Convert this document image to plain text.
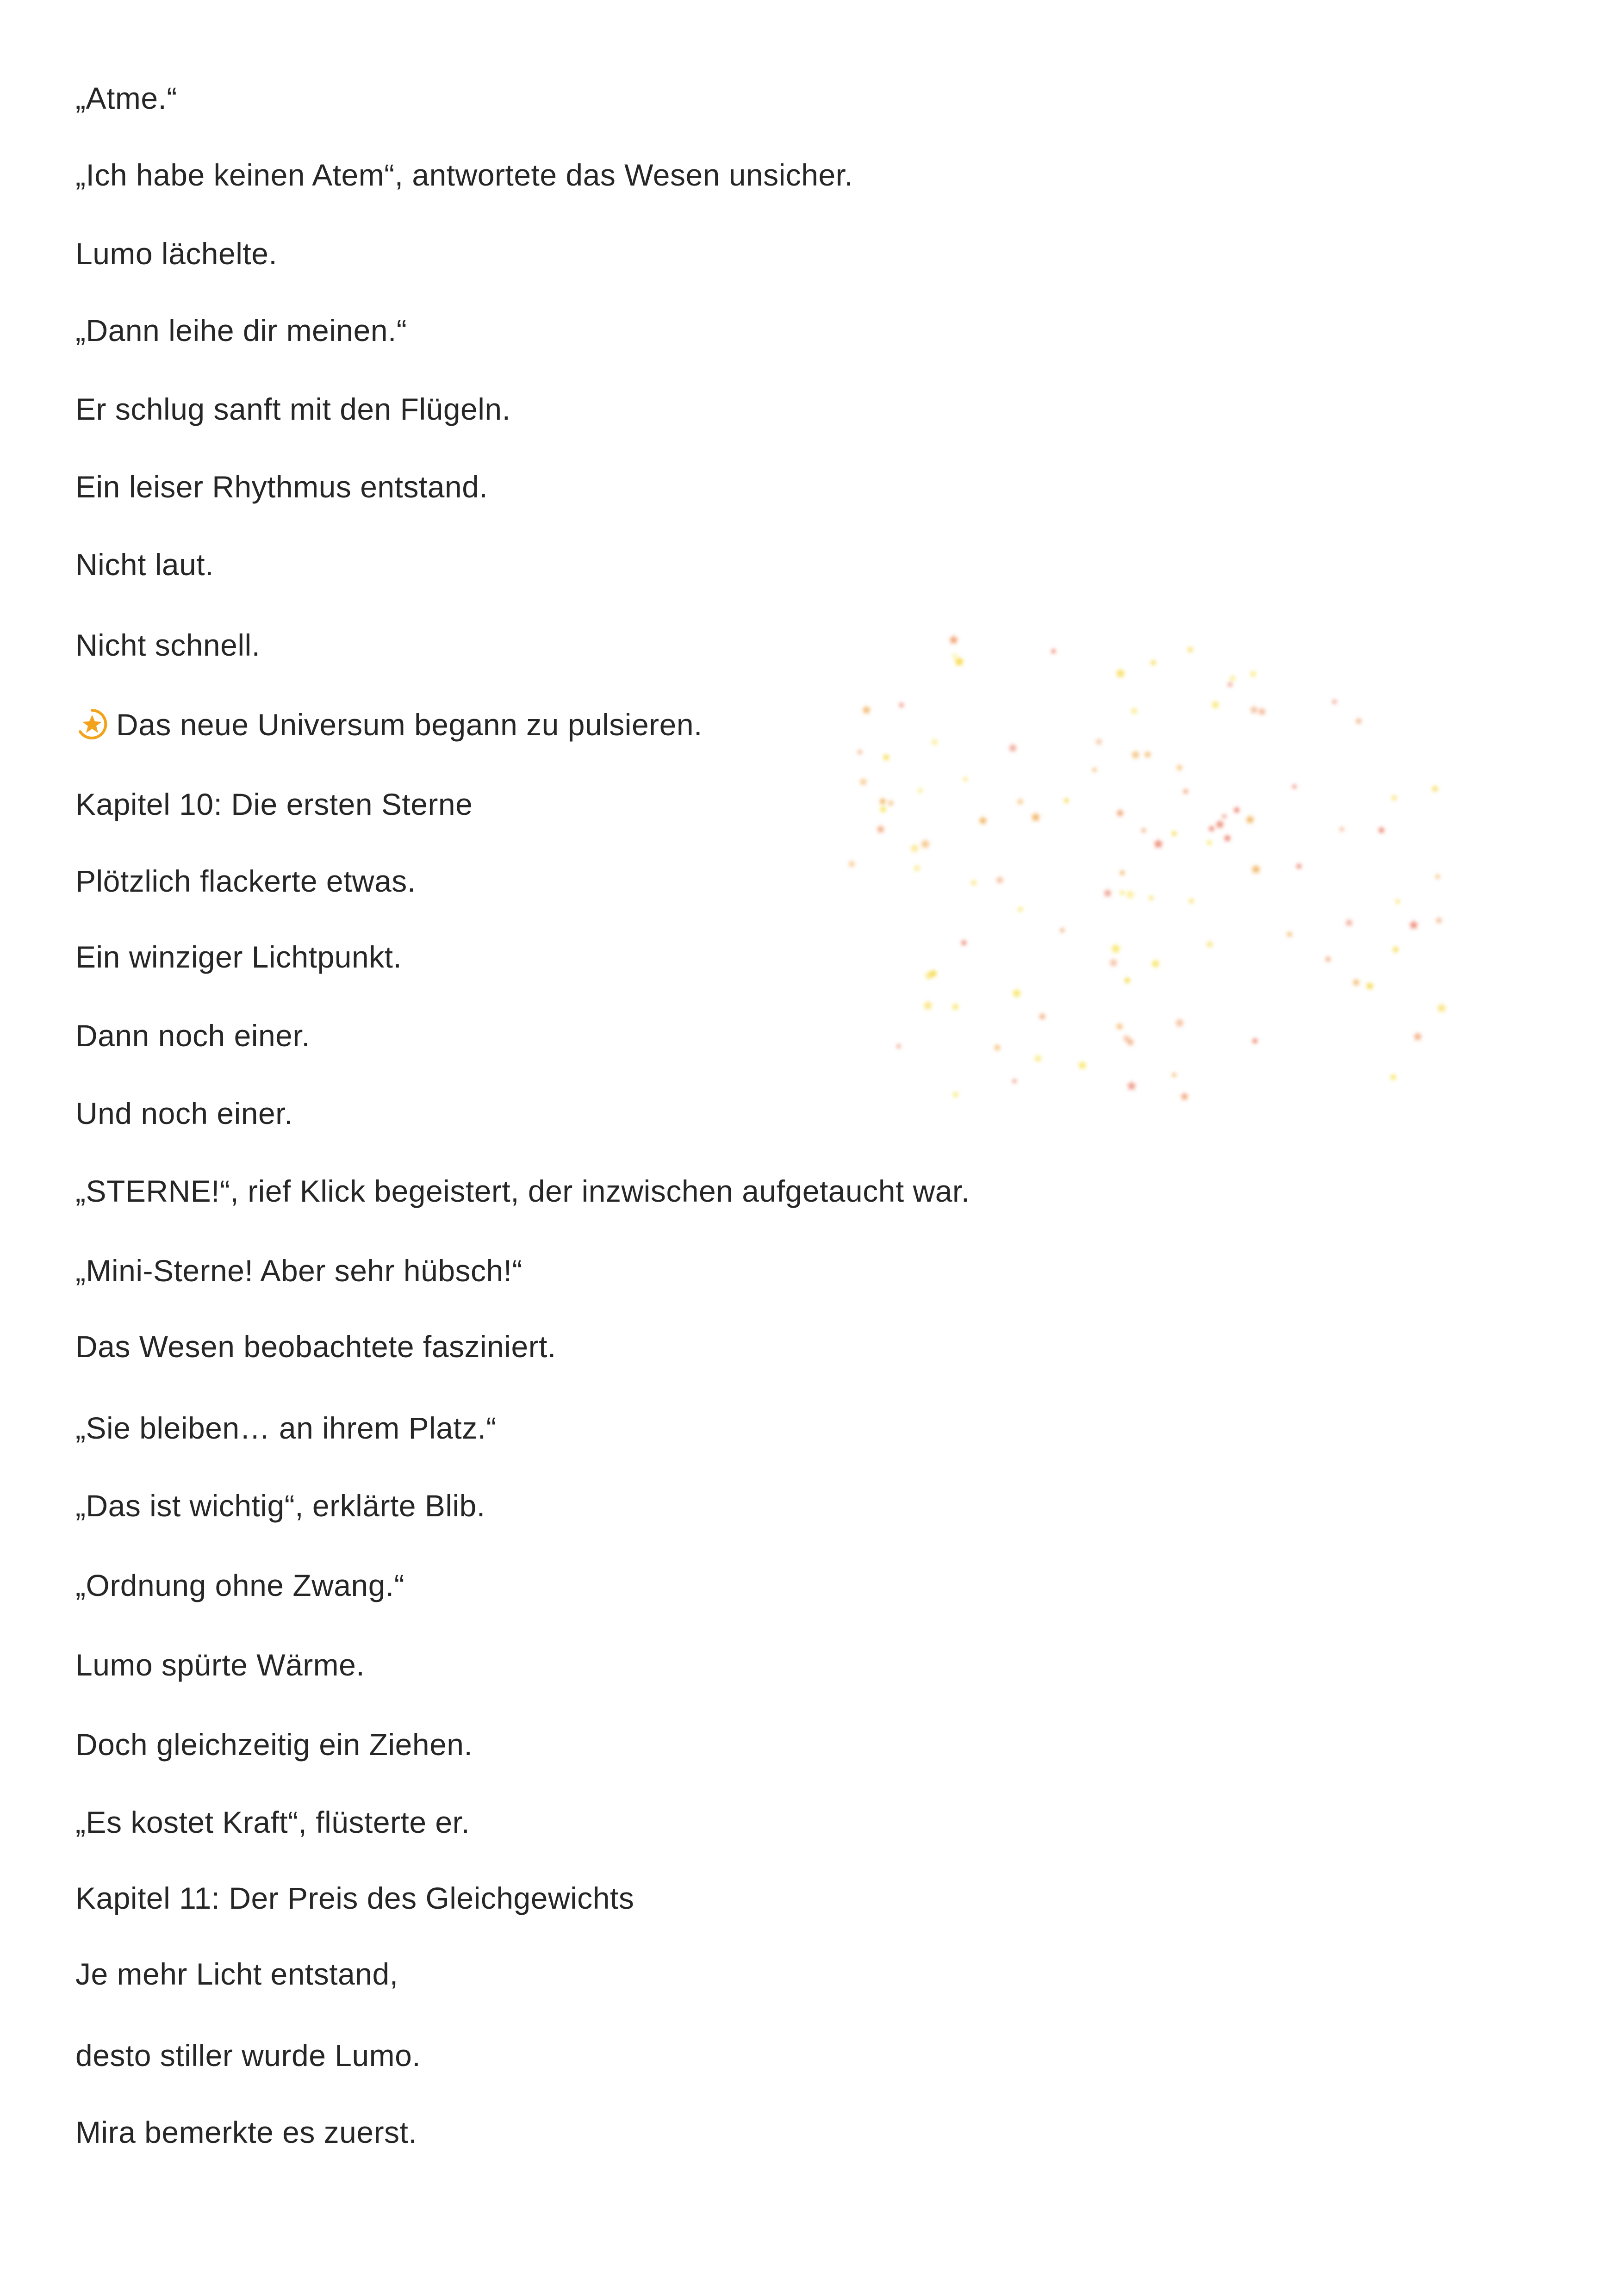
„Atme.“

„Ich habe keinen Atem“, antwortete das Wesen unsicher.

Lumo lächelte.

„Dann leihe dir meinen.“

Er schlug sanft mit den Flügeln.

Ein leiser Rhythmus entstand.

Nicht laut.

Nicht schnell.

Das neue Universum begann zu pulsieren.

Kapitel 10: Die ersten Sterne

Plötzlich flackerte etwas.

Ein winziger Lichtpunkt.

Dann noch einer.

Und noch einer.

„STERNE!“, rief Klick begeistert, der inzwischen aufgetaucht war.

„Mini-Sterne! Aber sehr hübsch!“

Das Wesen beobachtete fasziniert.

„Sie bleiben… an ihrem Platz.“

„Das ist wichtig“, erklärte Blib.

„Ordnung ohne Zwang.“

Lumo spürte Wärme.

Doch gleichzeitig ein Ziehen.

„Es kostet Kraft“, flüsterte er.

Kapitel 11: Der Preis des Gleichgewichts

Je mehr Licht entstand,

desto stiller wurde Lumo.

Mira bemerkte es zuerst.
